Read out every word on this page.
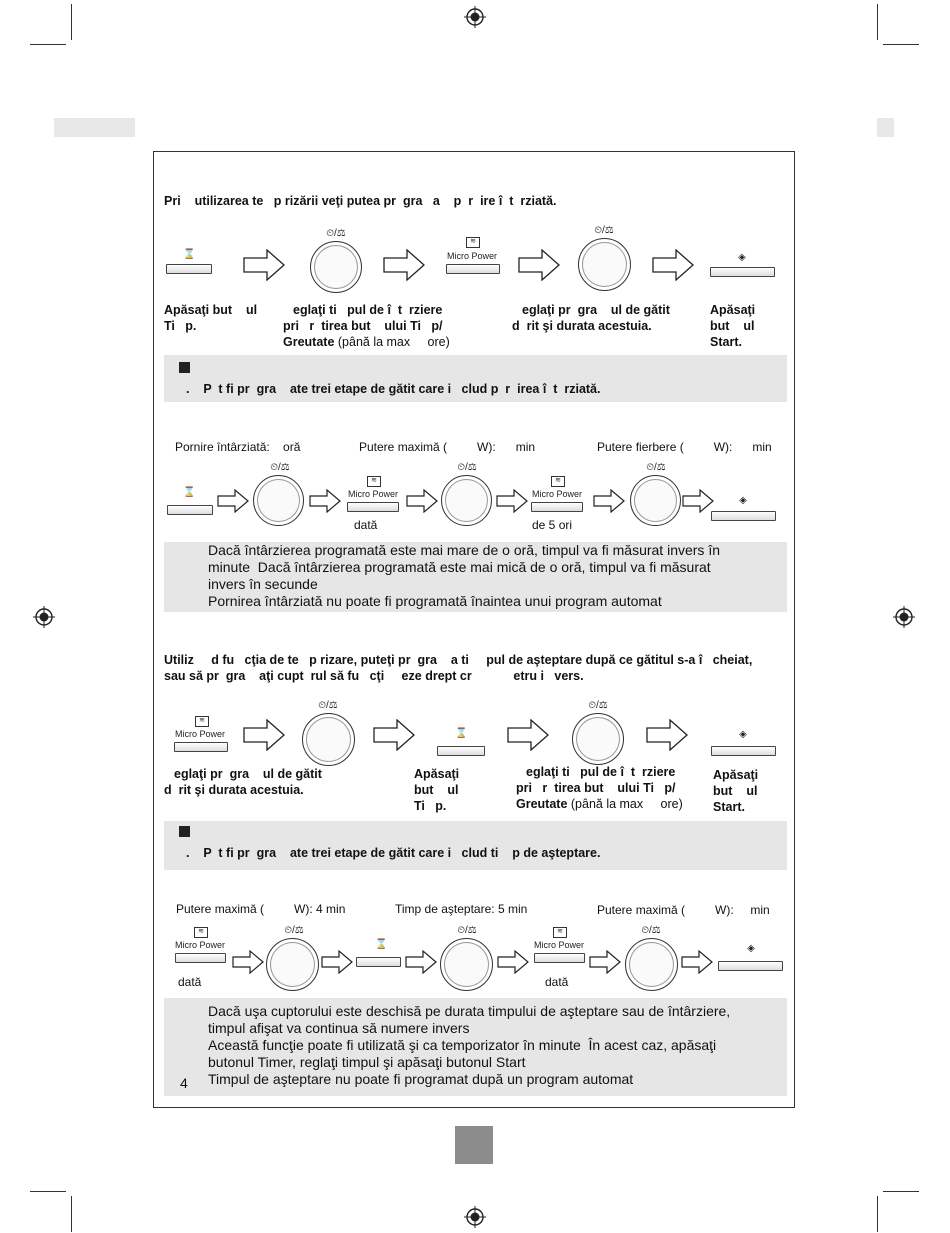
Pri    utilizarea te   p rizării veţi putea pr  gra   a    p  r  ire î  t  rziată.
⌛
⏲/⚖
≋
Micro Power
⏲/⚖
◈
Apăsaţi but    ul
Ti   p.
eglaţi ti   pul de î  t  rziere
pri   r  tirea but    ului Ti   p/
Greutate (până la max     ore)
eglaţi pr  gra    ul de gătit
d  rit şi durata acestuia.
Apăsaţi
but    ul
Start.
.    P  t fi pr  gra    ate trei etape de gătit care i   clud p  r  irea î  t  rziată.
Pornire întârziată:    oră	Putere maximă (         W):      min	Putere fierbere (         W):      min
⌛
⏲/⚖
≋
Micro Power
dată
⏲/⚖
≋
Micro Power
de 5 ori
⏲/⚖
◈
Dacă întârzierea programată este mai mare de o oră, timpul va fi măsurat invers în
minute  Dacă întârzierea programată este mai mică de o oră, timpul va fi măsurat
invers în secunde
Pornirea întârziată nu poate fi programată înaintea unui program automat
Utiliz     d fu   cţia de te   p rizare, puteţi pr  gra    a ti     pul de aşteptare după ce gătitul s-a î   cheiat,
sau să pr  gra    aţi cupt  rul să fu   cţi     eze drept cr            etru i   vers.
≋
Micro Power
⏲/⚖
⌛
⏲/⚖
◈
eglaţi pr  gra    ul de gătit
d  rit şi durata acestuia.
Apăsaţi
but    ul
Ti   p.
eglaţi ti   pul de î  t  rziere
pri   r  tirea but    ului Ti   p/
Greutate (până la max     ore)
Apăsaţi
but    ul
Start.
.    P  t fi pr  gra    ate trei etape de gătit care i   clud ti    p de aşteptare.
Putere maximă (         W): 4 min	Timp de aşteptare: 5 min	Putere maximă (         W):     min
≋
Micro Power
dată
⏲/⚖
⌛
⏲/⚖	≋
Micro Power
dată
⏲/⚖
◈
4
Dacă uşa cuptorului este deschisă pe durata timpului de aşteptare sau de întârziere,
timpul afişat va continua să numere invers
Această funcţie poate fi utilizată şi ca temporizator în minute  În acest caz, apăsaţi
butonul Timer, reglaţi timpul şi apăsaţi butonul Start
Timpul de aşteptare nu poate fi programat după un program automat
